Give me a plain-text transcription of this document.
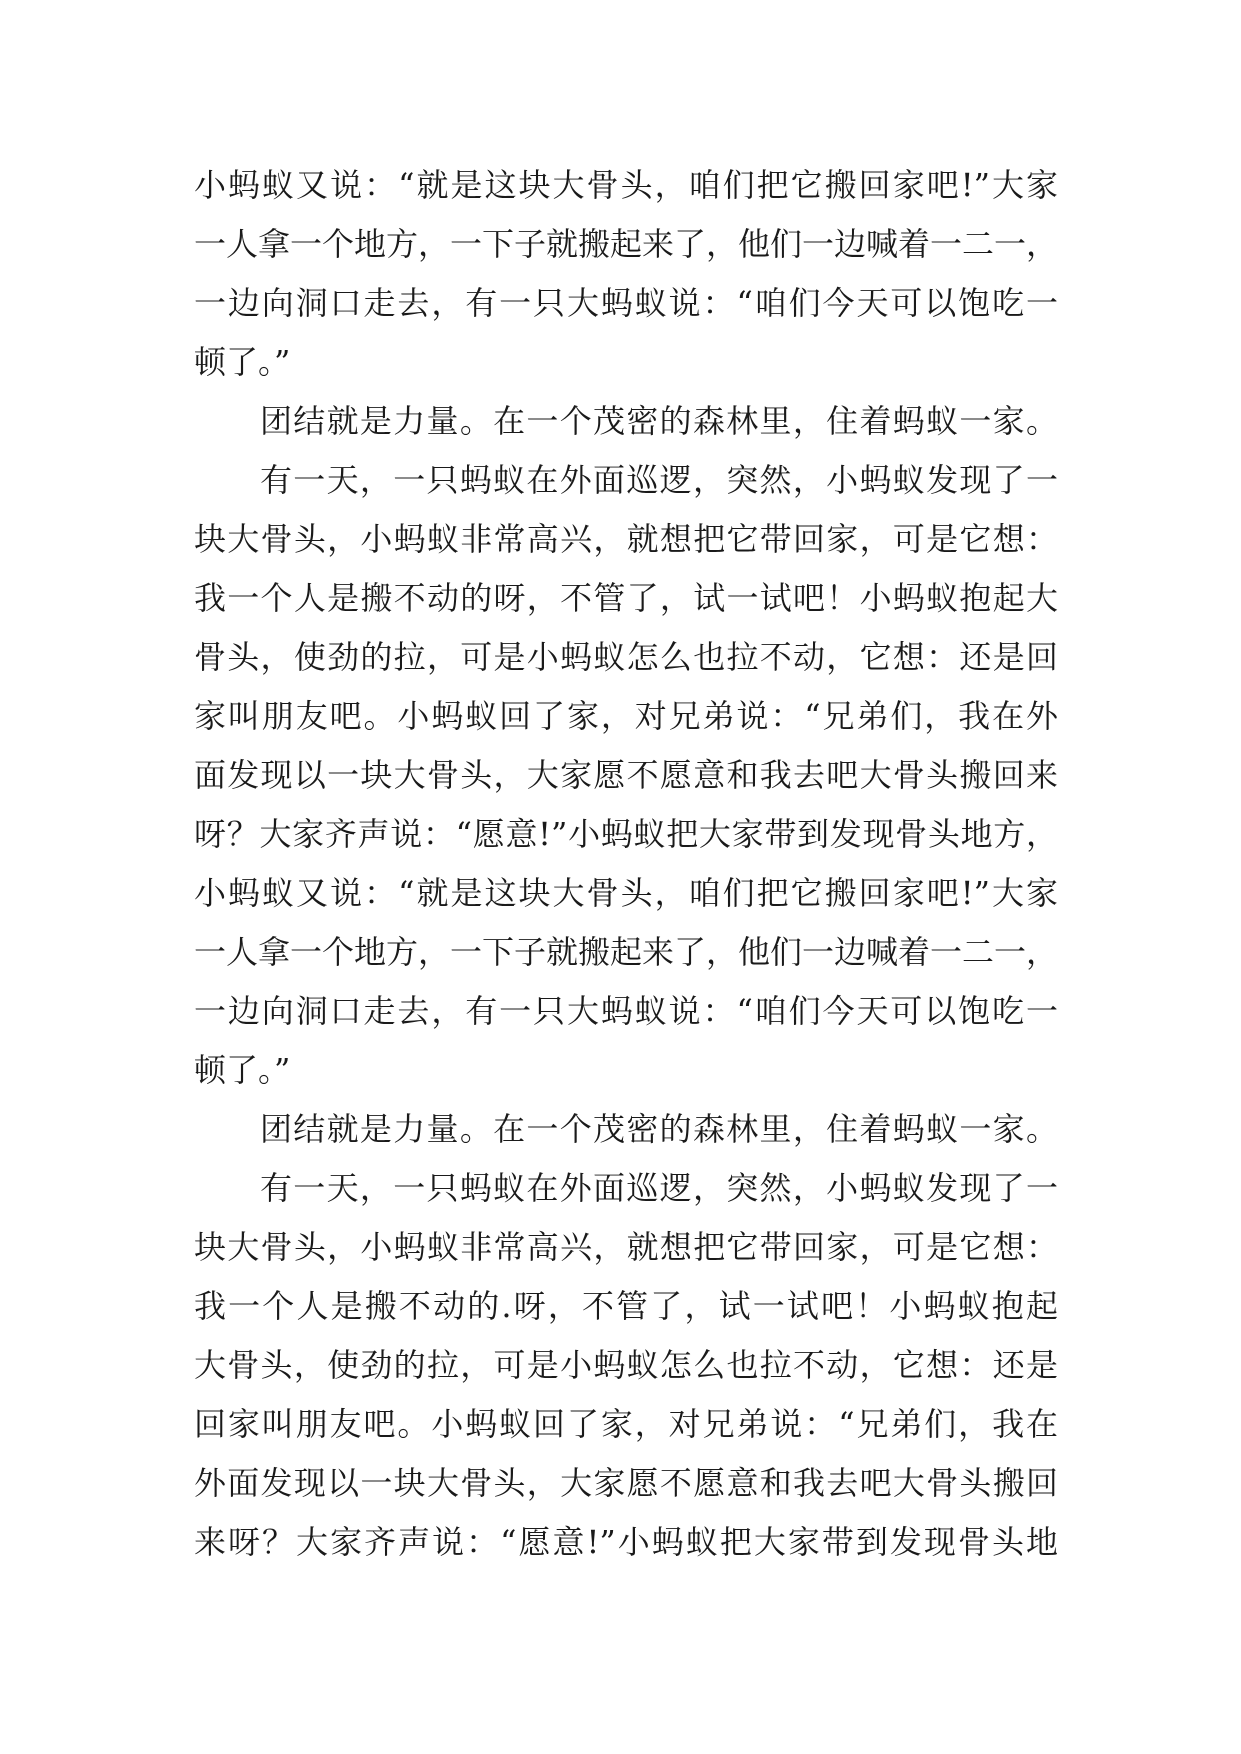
小蚂蚁又说：“就是这块大骨头，咱们把它搬回家吧!”大家
一人拿一个地方，一下子就搬起来了，他们一边喊着一二一，
一边向洞口走去，有一只大蚂蚁说：“咱们今天可以饱吃一
顿了。”
团结就是力量。在一个茂密的森林里，住着蚂蚁一家。
有一天，一只蚂蚁在外面巡逻，突然，小蚂蚁发现了一
块大骨头，小蚂蚁非常高兴，就想把它带回家，可是它想：
我一个人是搬不动的呀，不管了，试一试吧！小蚂蚁抱起大
骨头，使劲的拉，可是小蚂蚁怎么也拉不动，它想：还是回
家叫朋友吧。小蚂蚁回了家，对兄弟说：“兄弟们，我在外
面发现以一块大骨头，大家愿不愿意和我去吧大骨头搬回来
呀？大家齐声说：“愿意!”小蚂蚁把大家带到发现骨头地方，
小蚂蚁又说：“就是这块大骨头，咱们把它搬回家吧!”大家
一人拿一个地方，一下子就搬起来了，他们一边喊着一二一，
一边向洞口走去，有一只大蚂蚁说：“咱们今天可以饱吃一
顿了。”
团结就是力量。在一个茂密的森林里，住着蚂蚁一家。
有一天，一只蚂蚁在外面巡逻，突然，小蚂蚁发现了一
块大骨头，小蚂蚁非常高兴，就想把它带回家，可是它想：
我一个人是搬不动的.呀，不管了，试一试吧！小蚂蚁抱起
大骨头，使劲的拉，可是小蚂蚁怎么也拉不动，它想：还是
回家叫朋友吧。小蚂蚁回了家，对兄弟说：“兄弟们，我在
外面发现以一块大骨头，大家愿不愿意和我去吧大骨头搬回
来呀？大家齐声说：“愿意!”小蚂蚁把大家带到发现骨头地
